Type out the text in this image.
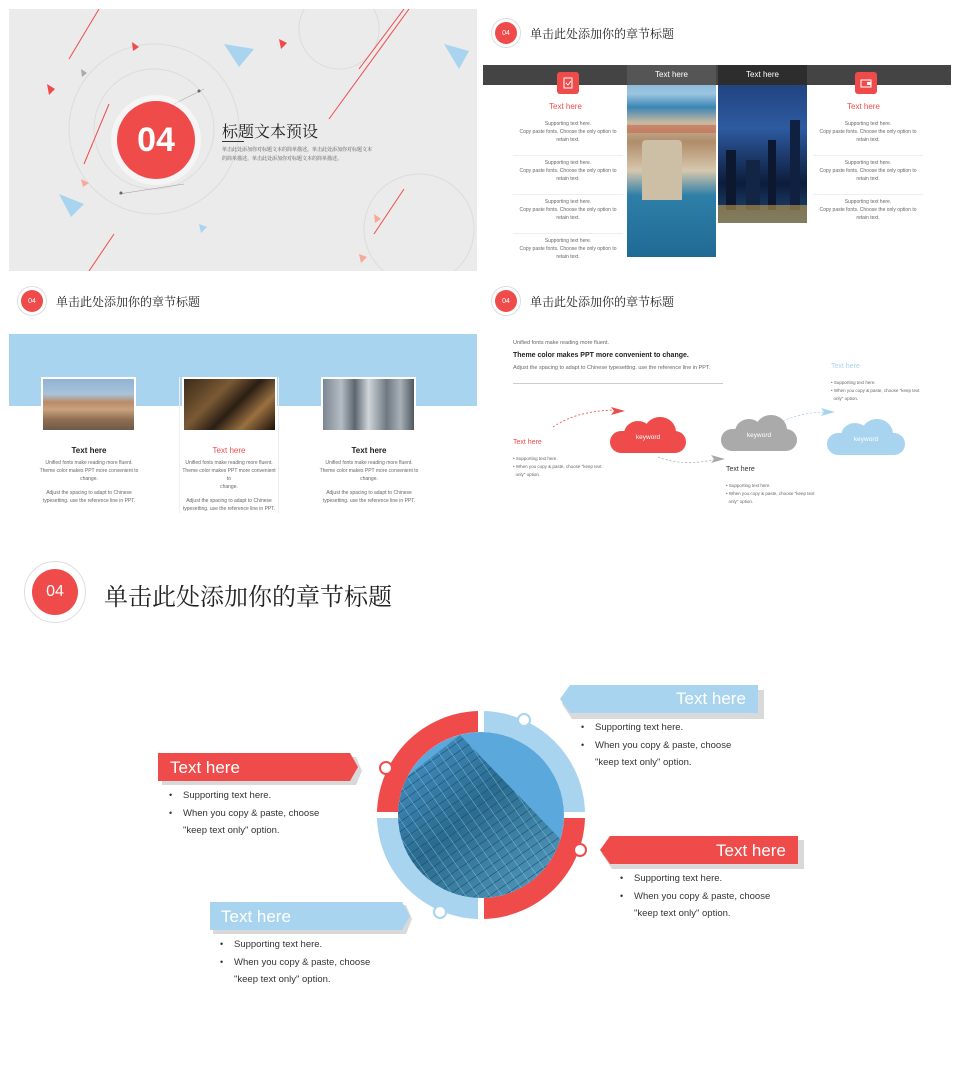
04	标题文本预设
单击此处添加你对标题文本的简单描述。单击此处添加你对标题文本
的简单描述。单击此处添加你对标题文本的简单描述。
04 单击此处添加你的章节标题
Text here
Supporting text here.
Copy paste fonts. Choose the only option to retain text.
Supporting text here.
Copy paste fonts. Choose the only option to retain text.
Supporting text here.
Copy paste fonts. Choose the only option to retain text.
Supporting text here.
Copy paste fonts. Choose the only option to retain text.
Text here	Text here
Text here
Supporting text here.
Copy paste fonts. Choose the only option to retain text.
Supporting text here.
Copy paste fonts. Choose the only option to retain text.
Supporting text here.
Copy paste fonts. Choose the only option to retain text.
04 单击此处添加你的章节标题
Text here
Unified fonts make reading more fluent.
Theme color makes PPT more convenient to
change.
Adjust the spacing to adapt to Chinese
typesetting. use the reference line in PPT.
Text here
Unified fonts make reading more fluent.
Theme color makes PPT more convenient to
change.
Adjust the spacing to adapt to Chinese
typesetting. use the reference line in PPT.
Text here
Unified fonts make reading more fluent.
Theme color makes PPT more convenient to
change.
Adjust the spacing to adapt to Chinese
typesetting. use the reference line in PPT.
04 单击此处添加你的章节标题
Unified fonts make reading more fluent.
Theme color makes PPT more convenient to change.
Adjust the spacing to adapt to Chinese typesetting. use the reference line in PPT.
keyword	keyword
keyword
Text here
• Supporting text here.
• When you copy & paste, choose "keep text
only" option.
Text here
• Supporting text here.
• When you copy & paste, choose "keep text
only" option.
Text here
• Supporting text here.
• When you copy & paste, choose "keep text
only" option.
04 单击此处添加你的章节标题
Text here
• Supporting text here.
• When you copy & paste, choose
"keep text only" option.
Text here
• Supporting text here.
• When you copy & paste, choose
"keep text only" option.
Text here
• Supporting text here.
• When you copy & paste, choose
"keep text only" option.
Text here
• Supporting text here.
• When you copy & paste, choose
"keep text only" option.
